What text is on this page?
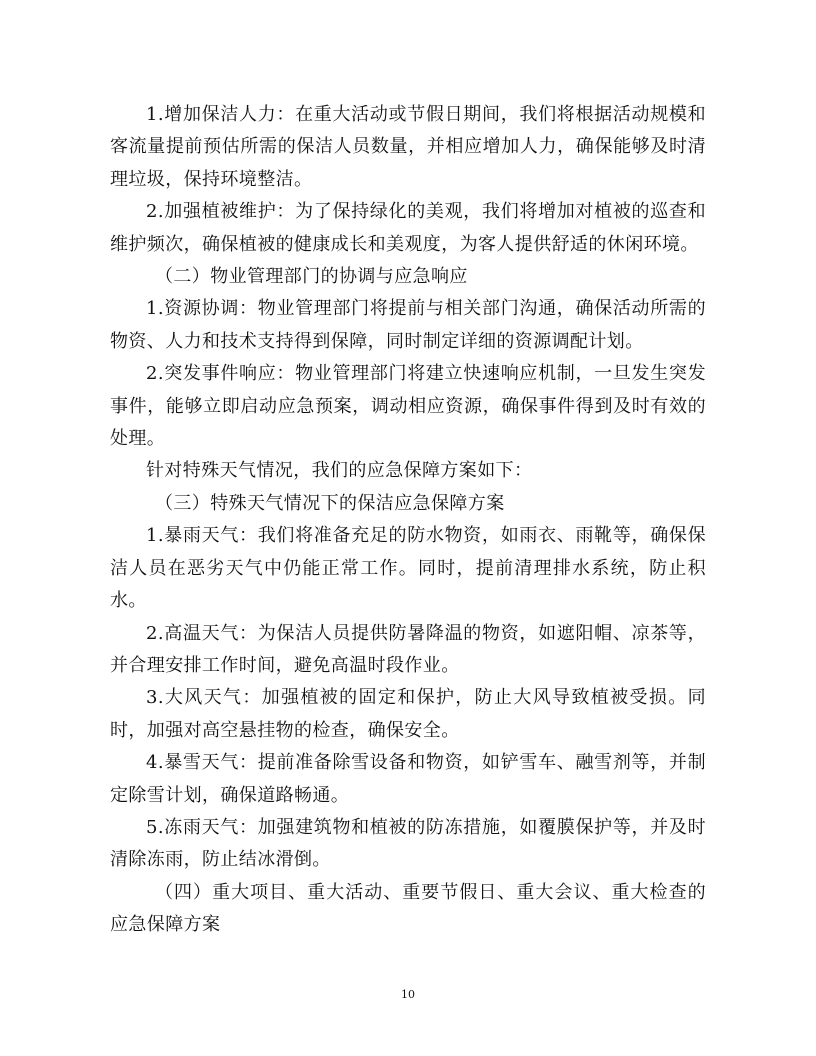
1.增加保洁人力：在重大活动或节假日期间，我们将根据活动规模和客流量提前预估所需的保洁人员数量，并相应增加人力，确保能够及时清理垃圾，保持环境整洁。

2.加强植被维护：为了保持绿化的美观，我们将增加对植被的巡查和维护频次，确保植被的健康成长和美观度，为客人提供舒适的休闲环境。

（二）物业管理部门的协调与应急响应

1.资源协调：物业管理部门将提前与相关部门沟通，确保活动所需的物资、人力和技术支持得到保障，同时制定详细的资源调配计划。

2.突发事件响应：物业管理部门将建立快速响应机制，一旦发生突发事件，能够立即启动应急预案，调动相应资源，确保事件得到及时有效的处理。

针对特殊天气情况，我们的应急保障方案如下：

（三）特殊天气情况下的保洁应急保障方案

1.暴雨天气：我们将准备充足的防水物资，如雨衣、雨靴等，确保保洁人员在恶劣天气中仍能正常工作。同时，提前清理排水系统，防止积水。

2.高温天气：为保洁人员提供防暑降温的物资，如遮阳帽、凉茶等，并合理安排工作时间，避免高温时段作业。

3.大风天气：加强植被的固定和保护，防止大风导致植被受损。同时，加强对高空悬挂物的检查，确保安全。

4.暴雪天气：提前准备除雪设备和物资，如铲雪车、融雪剂等，并制定除雪计划，确保道路畅通。

5.冻雨天气：加强建筑物和植被的防冻措施，如覆膜保护等，并及时清除冻雨，防止结冰滑倒。

（四）重大项目、重大活动、重要节假日、重大会议、重大检查的应急保障方案

10
